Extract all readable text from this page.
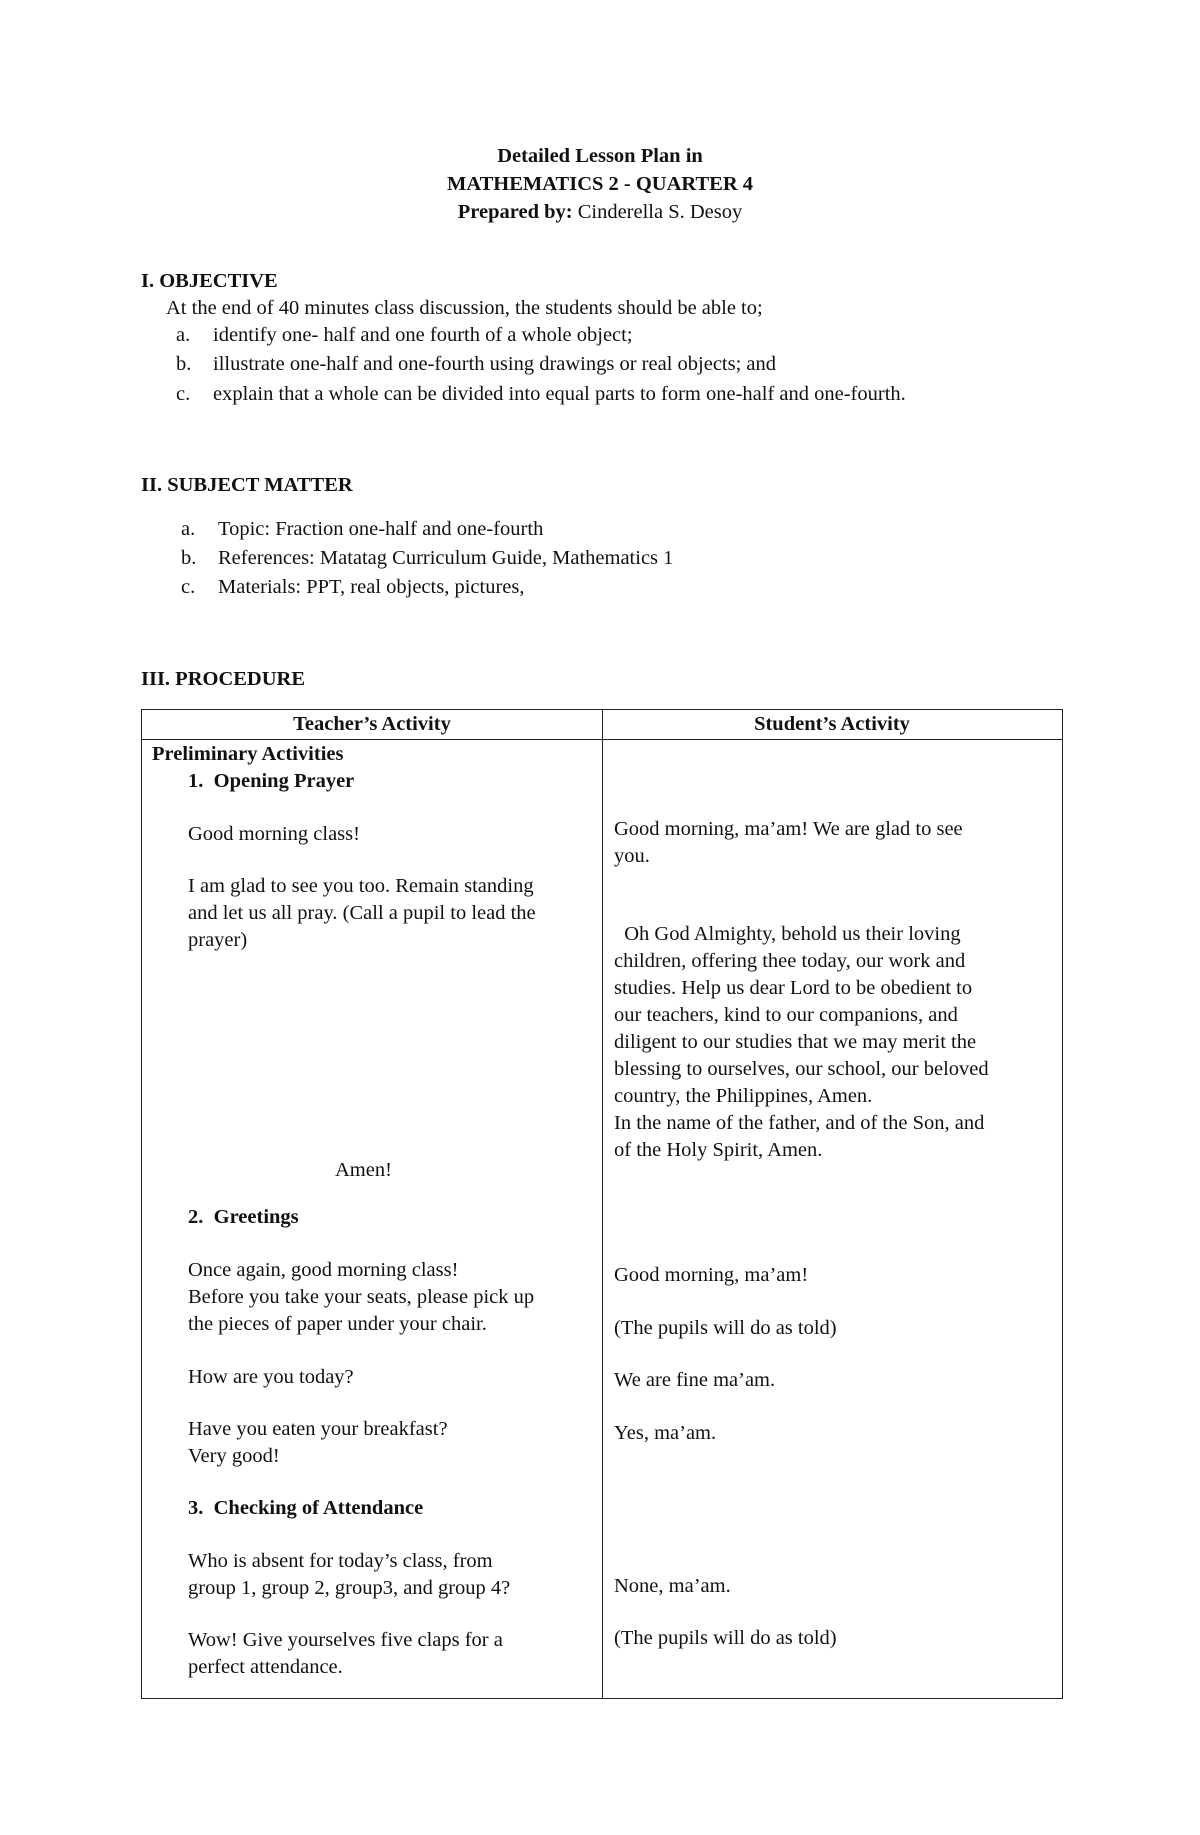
Detailed Lesson Plan in
MATHEMATICS 2 - QUARTER 4
Prepared by: Cinderella S. Desoy
I. OBJECTIVE
At the end of 40 minutes class discussion, the students should be able to;
a. identify one- half and one fourth of a whole object;
b. illustrate one-half and one-fourth using drawings or real objects; and
c. explain that a whole can be divided into equal parts to form one-half and one-fourth.
II. SUBJECT MATTER
a. Topic: Fraction one-half and one-fourth
b. References: Matatag Curriculum Guide, Mathematics 1
c. Materials: PPT, real objects, pictures,
III. PROCEDURE
Teacher’s Activity	Student’s Activity
Preliminary Activities
1.  Opening Prayer
Good morning class!
I am glad to see you too. Remain standing
and let us all pray. (Call a pupil to lead the
prayer)
Amen!
2.  Greetings
Once again, good morning class!
Before you take your seats, please pick up
the pieces of paper under your chair.
How are you today?
Have you eaten your breakfast?
Very good!
3.  Checking of Attendance
Who is absent for today’s class, from
group 1, group 2, group3, and group 4?
Wow! Give yourselves five claps for a
perfect attendance.
Good morning, ma’am! We are glad to see
you.
Oh God Almighty, behold us their loving
children, offering thee today, our work and
studies. Help us dear Lord to be obedient to
our teachers, kind to our companions, and
diligent to our studies that we may merit the
blessing to ourselves, our school, our beloved
country, the Philippines, Amen.
In the name of the father, and of the Son, and
of the Holy Spirit, Amen.
Good morning, ma’am!
(The pupils will do as told)
We are fine ma’am.
Yes, ma’am.
None, ma’am.
(The pupils will do as told)
